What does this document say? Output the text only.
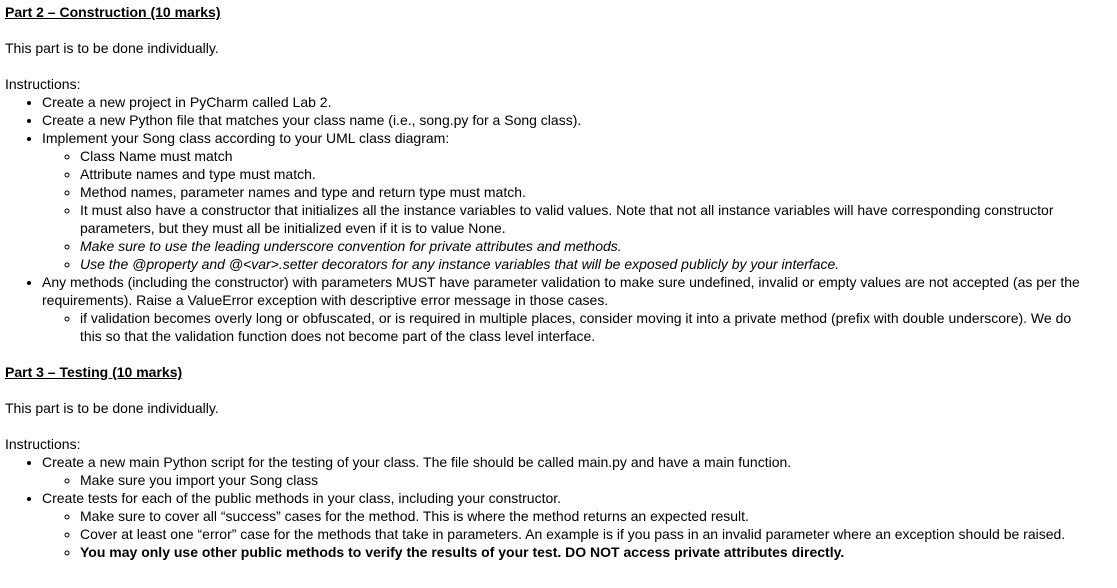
Part 2 – Construction (10 marks)
This part is to be done individually.
Instructions:
• Create a new project in PyCharm called Lab 2.
• Create a new Python file that matches your class name (i.e., song.py for a Song class).
• Implement your Song class according to your UML class diagram:
◦ Class Name must match
◦ Attribute names and type must match.
◦ Method names, parameter names and type and return type must match.
◦ It must also have a constructor that initializes all the instance variables to valid values. Note that not all instance variables will have corresponding constructor parameters, but they must all be initialized even if it is to value None.
◦ Make sure to use the leading underscore convention for private attributes and methods.
◦ Use the @property and @<var>.setter decorators for any instance variables that will be exposed publicly by your interface.
• Any methods (including the constructor) with parameters MUST have parameter validation to make sure undefined, invalid or empty values are not accepted (as per the requirements). Raise a ValueError exception with descriptive error message in those cases.
◦ if validation becomes overly long or obfuscated, or is required in multiple places, consider moving it into a private method (prefix with double underscore). We do this so that the validation function does not become part of the class level interface.
Part 3 – Testing (10 marks)
This part is to be done individually.
Instructions:
• Create a new main Python script for the testing of your class. The file should be called main.py and have a main function.
◦ Make sure you import your Song class
• Create tests for each of the public methods in your class, including your constructor.
◦ Make sure to cover all “success” cases for the method. This is where the method returns an expected result.
◦ Cover at least one “error” case for the methods that take in parameters. An example is if you pass in an invalid parameter where an exception should be raised.
◦ You may only use other public methods to verify the results of your test. DO NOT access private attributes directly.
